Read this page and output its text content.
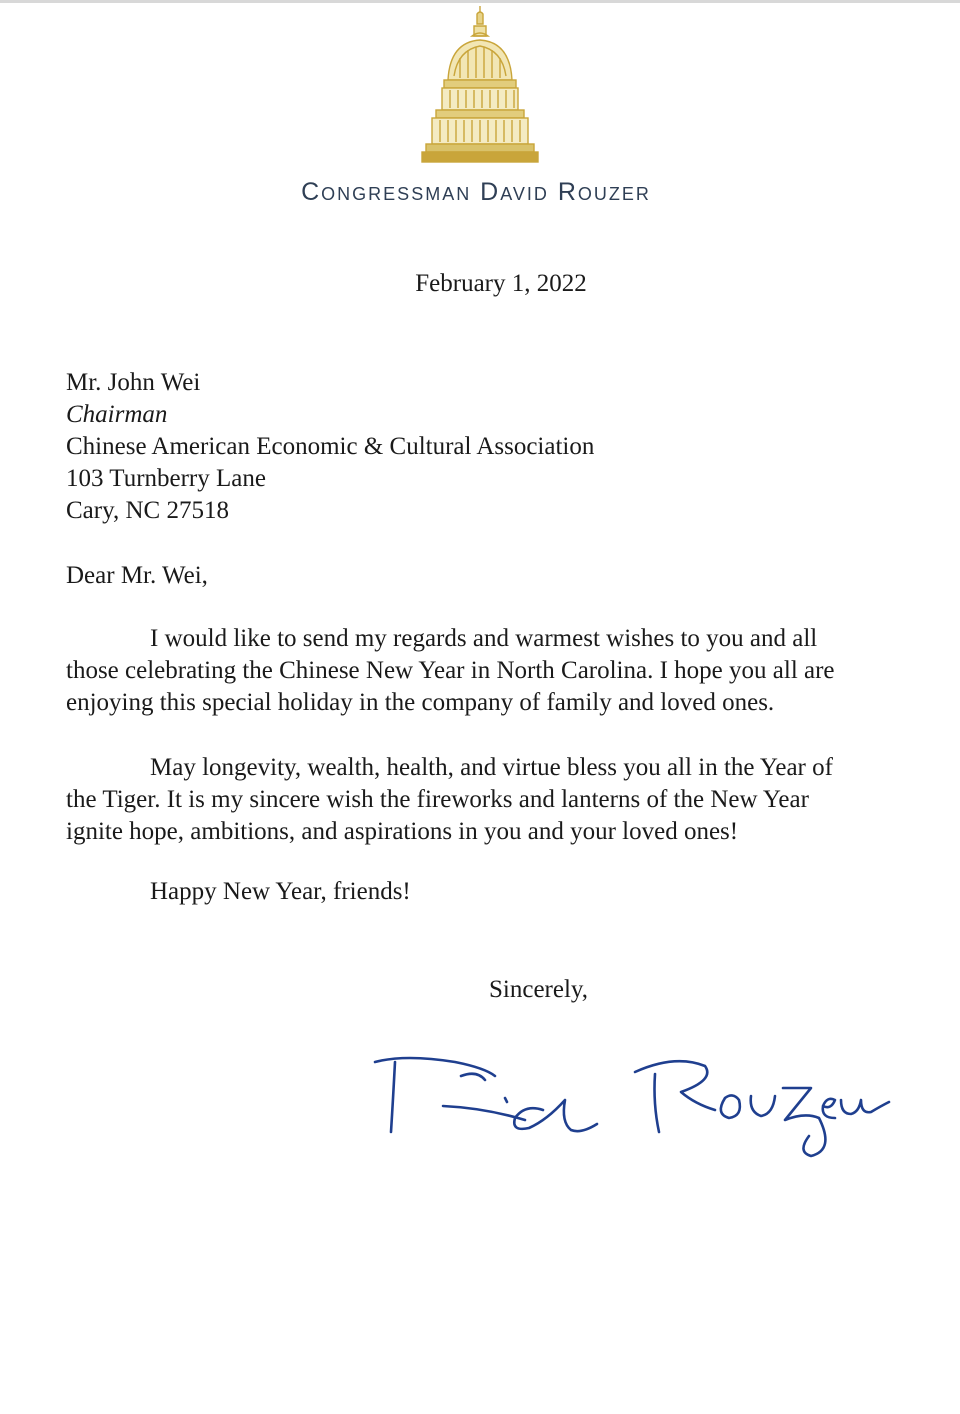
Congressman David Rouzer
February 1, 2022
Mr. John Wei
Chairman
Chinese American Economic & Cultural Association
103 Turnberry Lane
Cary, NC 27518
Dear Mr. Wei,
I would like to send my regards and warmest wishes to you and all
those celebrating the Chinese New Year in North Carolina. I hope you all are
enjoying this special holiday in the company of family and loved ones.
May longevity, wealth, health, and virtue bless you all in the Year of
the Tiger. It is my sincere wish the fireworks and lanterns of the New Year
ignite hope, ambitions, and aspirations in you and your loved ones!
Happy New Year, friends!
Sincerely,
